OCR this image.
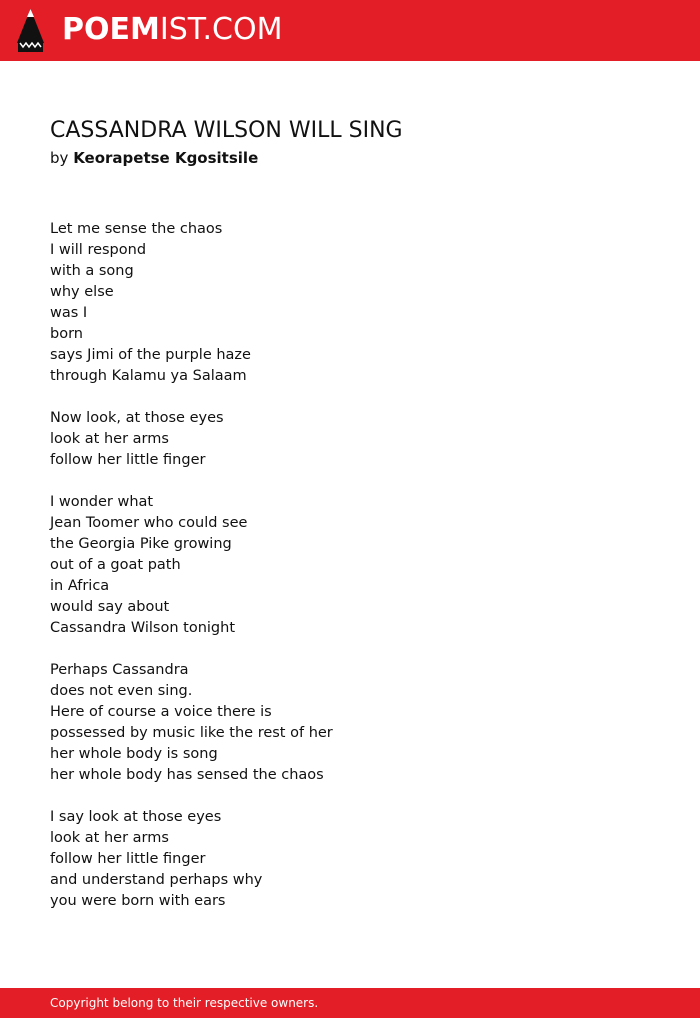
POEMIST.COM
CASSANDRA WILSON WILL SING
by Keorapetse Kgositsile
Let me sense the chaos
I will respond
with a song
why else
was I
born
says Jimi of the purple haze
through Kalamu ya Salaam
Now look, at those eyes
look at her arms
follow her little finger
I wonder what
Jean Toomer who could see
the Georgia Pike growing
out of a goat path
in Africa
would say about
Cassandra Wilson tonight
Perhaps Cassandra
does not even sing.
Here of course a voice there is
possessed by music like the rest of her
her whole body is song
her whole body has sensed the chaos
I say look at those eyes
look at her arms
follow her little finger
and understand perhaps why
you were born with ears
Copyright belong to their respective owners.
